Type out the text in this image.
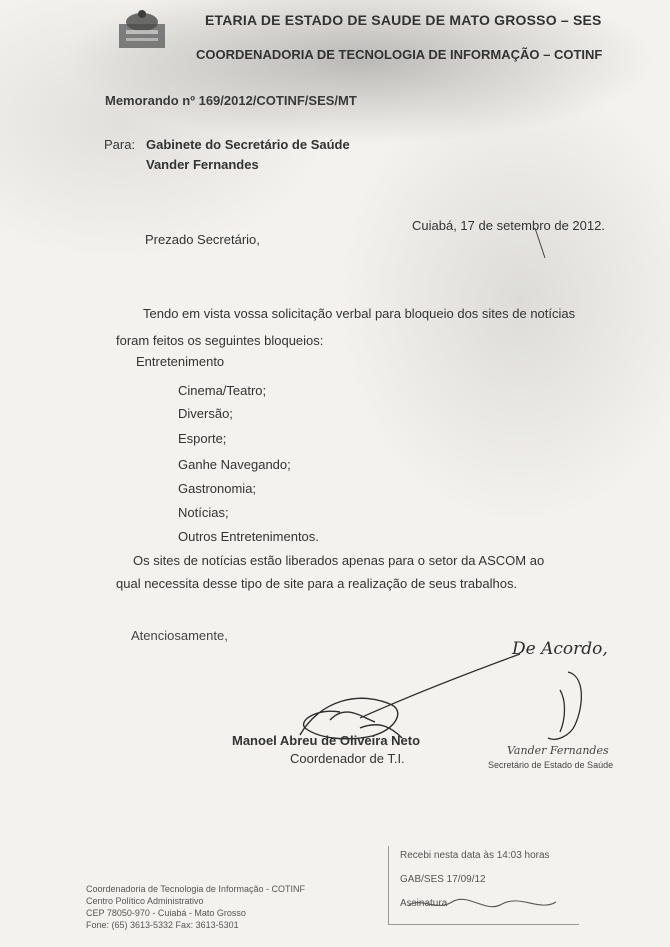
ETARIA DE ESTADO DE SAUDE DE MATO GROSSO – SES
COORDENADORIA DE TECNOLOGIA DE INFORMAÇÃO – COTINF
Memorando nº 169/2012/COTINF/SES/MT
Para: Gabinete do Secretário de Saúde
Vander Fernandes
Cuiabá, 17 de setembro de 2012.
Prezado Secretário,
Tendo em vista vossa solicitação verbal para bloqueio dos sites de notícias
foram feitos os seguintes bloqueios:
Entretenimento
Cinema/Teatro;
Diversão;
Esporte;
Ganhe Navegando;
Gastronomia;
Notícias;
Outros Entretenimentos.
Os sites de notícias estão liberados apenas para o setor da ASCOM ao
qual necessita desse tipo de site para a realização de seus trabalhos.
Atenciosamente,
De Acordo,
Manoel Abreu de Oliveira Neto
Coordenador de T.I.
Vander Fernandes
Secretário de Estado de Saúde
Recebi nesta data às 14:03 horas
GAB/SES 17/09/12
Assinatura
Coordenadoria de Tecnologia de Informação - COTINF
Centro Político Administrativo
CEP 78050-970 - Cuiabá - Mato Grosso
Fone: (65) 3613-5332 Fax: 3613-5301
